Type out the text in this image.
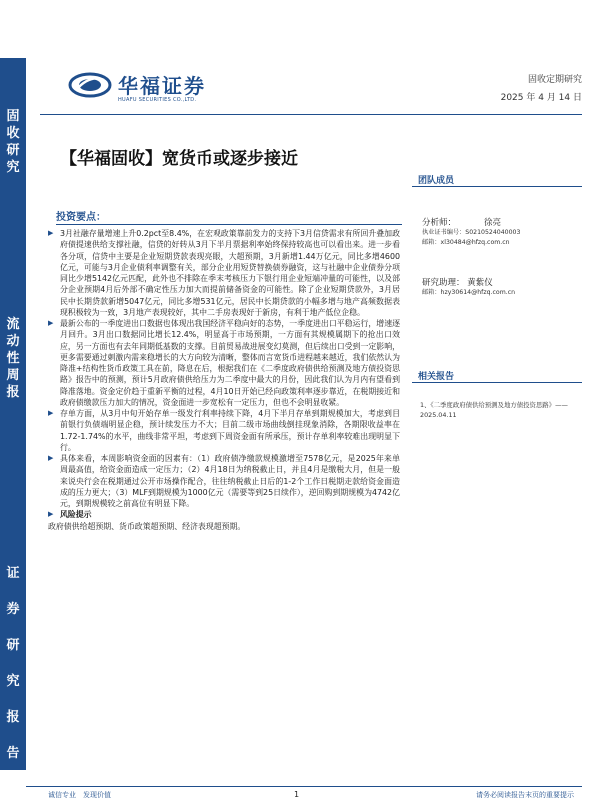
固
收
研
究
流
动
性
周
报
证
券
研
究
报
告
华福证券
HUAFU SECURITIES CO.,LTD.
固收定期研究
2025 年 4 月 14 日
【华福固收】宽货币或逐步接近
团队成员
投资要点：
▶ 3月社融存量增速上升0.2pct至8.4%，在宏观政策靠前发力的支持下3月信贷需求有所回升叠加政府债提速供给支撑社融，信贷的好转从3月下半月票据利率始终保持较高也可以看出来。进一步看各分项，信贷中主要是企业短期贷款表现亮眼，大超预期，3月新增1.44万亿元，同比多增4600亿元，可能与3月企业债利率调整有关，部分企业用短贷替换债券融资，这与社融中企业债券分项同比少增5142亿元匹配，此外也不排除在季末考核压力下银行用企业短端冲量的可能性，以及部分企业预期4月后外部不确定性压力加大而提前储备资金的可能性。除了企业短期贷款外，3月居民中长期贷款新增5047亿元，同比多增531亿元，居民中长期贷款的小幅多增与地产高频数据表现积极较为一致，3月地产表现较好，其中二手房表现好于新房，有利于地产低位企稳。

▶ 最新公布的一季度进出口数据也体现出我国经济平稳向好的态势，一季度进出口平稳运行，增速逐月回升。3月出口数据同比增长12.4%，明显高于市场预期，一方面有其规模属期下的抢出口效应，另一方面也有去年同期低基数的支撑。目前贸易战进展变幻莫测，但后续出口受到一定影响，更多需要通过刺激内需来稳增长的大方向较为清晰，整体而言宽货币进程越来越近，我们依然认为降准+结构性货币政策工具在前，降息在后，根据我们在《二季度政府债供给预测及地方债投资思路》报告中的预测，预计5月政府债供给压力为二季度中最大的月份，因此我们认为月内有望看到降准落地。资金定价趋于重新平衡的过程，4月10日开始已经向政策利率逐步靠近，在税期接近和政府债缴款压力加大的情况，资金面进一步宽松有一定压力，但也不会明显收紧。

▶ 存单方面，从3月中旬开始存单一级发行利率持续下降，4月下半月存单到期规模加大，考虑到目前银行负债端明显企稳，预计续发压力不大；目前二级市场曲线倒挂现象消除，各期限收益率在1.72-1.74%的水平，曲线非常平坦，考虑到下周资金面有所承压，预计存单利率较难出现明显下行。

▶ 具体来看，本周影响资金面的因素有：（1）政府债净缴款规模激增至7578亿元，是2025年来单周最高值，给资金面造成一定压力；（2）4月18日为纳税截止日，并且4月是缴税大月，但是一般来说央行会在税期通过公开市场操作配合，往往纳税截止日后的1-2个工作日税期走款给资金面造成的压力更大；（3）MLF到期规模为1000亿元（需要等到25日续作），逆回购到期规模为4742亿元，到期规模较之前高位有明显下降。

▶ 风险提示

政府债供给超预期、货币政策超预期、经济表现超预期。

分析师：	徐亮
执业证书编号：S0210524040003
邮箱：xl30484@hfzq.com.cn
研究助理： 黄紫仪
邮箱：hzy30614@hfzq.com.cn
相关报告
1、《二季度政府债供给预测及地方债投资思路》——2025.04.11
诚信专业　发现价值	1	请务必阅读报告末页的重要提示
